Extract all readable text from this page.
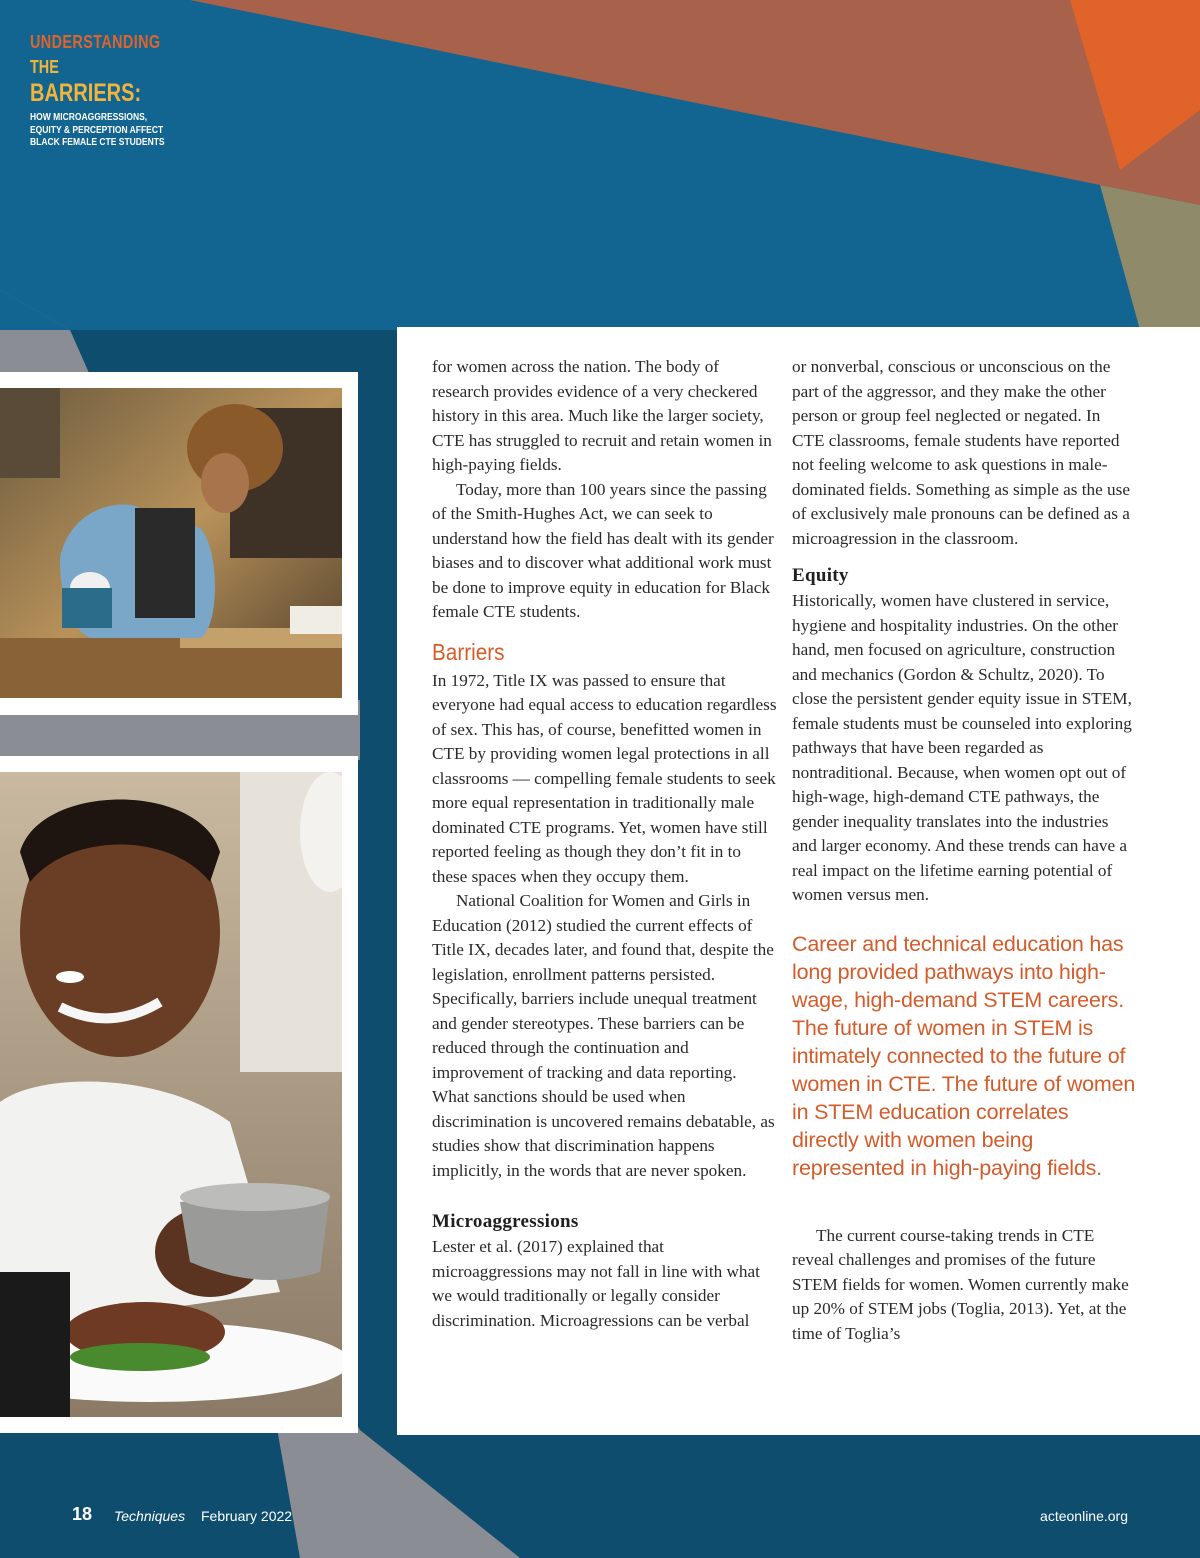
UNDERSTANDING
THE BARRIERS:
HOW MICROAGGRESSIONS, EQUITY & PERCEPTION AFFECT BLACK FEMALE CTE STUDENTS

for women across the nation. The body of research provides evidence of a very checkered history in this area. Much like the larger society, CTE has struggled to recruit and retain women in high-paying fields.

Today, more than 100 years since the passing of the Smith-Hughes Act, we can seek to understand how the field has dealt with its gender biases and to discover what additional work must be done to improve equity in education for Black female CTE students.

Barriers

In 1972, Title IX was passed to ensure that everyone had equal access to education regardless of sex. This has, of course, benefitted women in CTE by providing women legal protections in all classrooms — compelling female students to seek more equal representation in traditionally male dominated CTE programs. Yet, women have still reported feeling as though they don’t fit in to these spaces when they occupy them.

National Coalition for Women and Girls in Education (2012) studied the current effects of Title IX, decades later, and found that, despite the legislation, enrollment patterns persisted. Specifically, barriers include unequal treatment and gender stereotypes. These barriers can be reduced through the continuation and improvement of tracking and data reporting. What sanctions should be used when discrimination is uncovered remains debatable, as studies show that discrimination happens implicitly, in the words that are never spoken.

Microaggressions

Lester et al. (2017) explained that microaggressions may not fall in line with what we would traditionally or legally consider discrimination. Microagressions can be verbal

or nonverbal, conscious or unconscious on the part of the aggressor, and they make the other person or group feel neglected or negated. In CTE classrooms, female students have reported not feeling welcome to ask questions in male-dominated fields. Something as simple as the use of exclusively male pronouns can be defined as a microagression in the classroom.

Equity

Historically, women have clustered in service, hygiene and hospitality industries. On the other hand, men focused on agriculture, construction and mechanics (Gordon & Schultz, 2020). To close the persistent gender equity issue in STEM, female students must be counseled into exploring pathways that have been regarded as nontraditional. Because, when women opt out of high-wage, high-demand CTE pathways, the gender inequality translates into the industries and larger economy. And these trends can have a real impact on the lifetime earning potential of women versus men.

Career and technical education has long provided pathways into high-wage, high-demand STEM careers. The future of women in STEM is intimately connected to the future of women in CTE. The future of women in STEM education correlates directly with women being represented in high-paying fields.

The current course-taking trends in CTE reveal challenges and promises of the future STEM fields for women. Women currently make up 20% of STEM jobs (Toglia, 2013). Yet, at the time of Toglia’s

18 Techniques February 2022	acteonline.org
